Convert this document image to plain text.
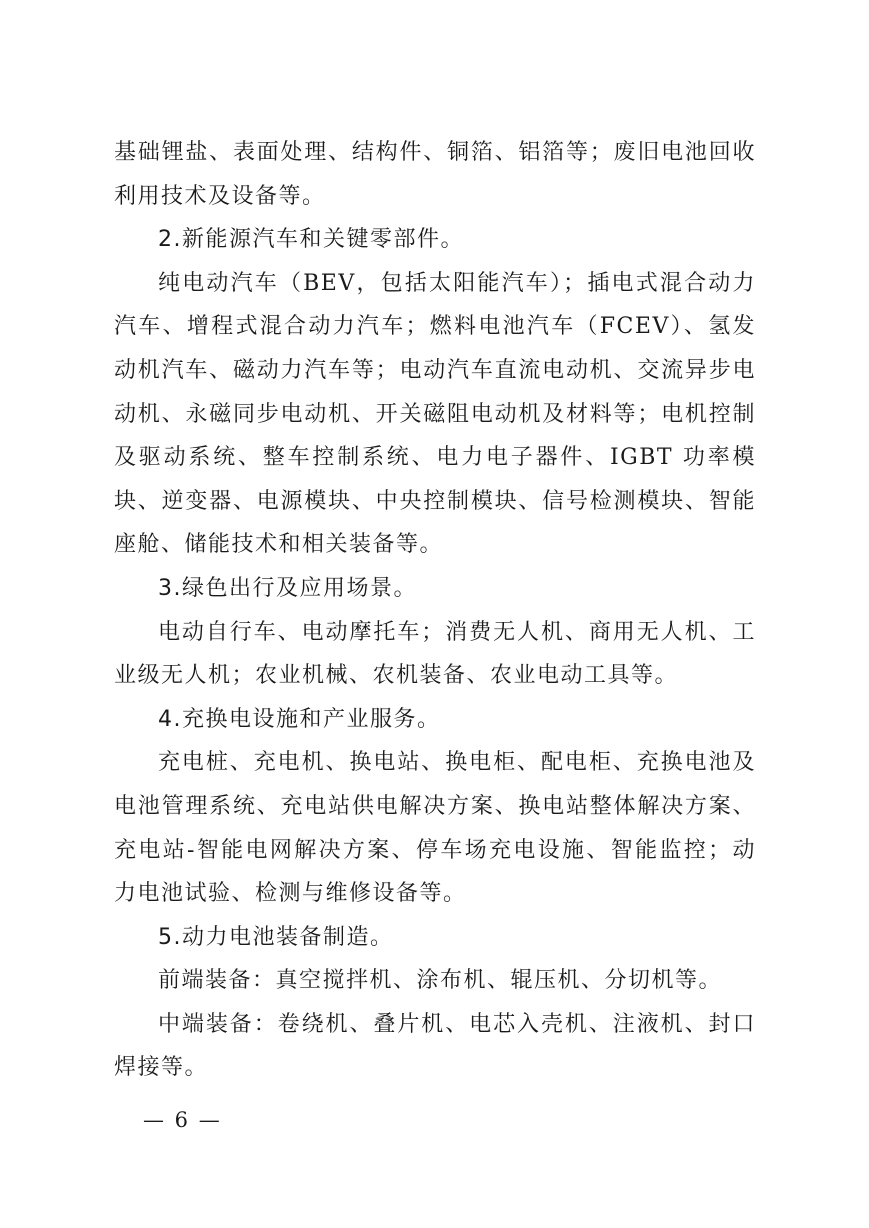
基础锂盐、表面处理、结构件、铜箔、铝箔等；废旧电池回收利用技术及设备等。

2.新能源汽车和关键零部件。

纯电动汽车（BEV，包括太阳能汽车）；插电式混合动力汽车、增程式混合动力汽车；燃料电池汽车（FCEV）、氢发动机汽车、磁动力汽车等；电动汽车直流电动机、交流异步电动机、永磁同步电动机、开关磁阻电动机及材料等；电机控制及驱动系统、整车控制系统、电力电子器件、IGBT 功率模块、逆变器、电源模块、中央控制模块、信号检测模块、智能座舱、储能技术和相关装备等。

3.绿色出行及应用场景。

电动自行车、电动摩托车；消费无人机、商用无人机、工业级无人机；农业机械、农机装备、农业电动工具等。

4.充换电设施和产业服务。

充电桩、充电机、换电站、换电柜、配电柜、充换电池及电池管理系统、充电站供电解决方案、换电站整体解决方案、充电站-智能电网解决方案、停车场充电设施、智能监控；动力电池试验、检测与维修设备等。

5.动力电池装备制造。

前端装备：真空搅拌机、涂布机、辊压机、分切机等。

中端装备：卷绕机、叠片机、电芯入壳机、注液机、封口焊接等。

— 6 —
